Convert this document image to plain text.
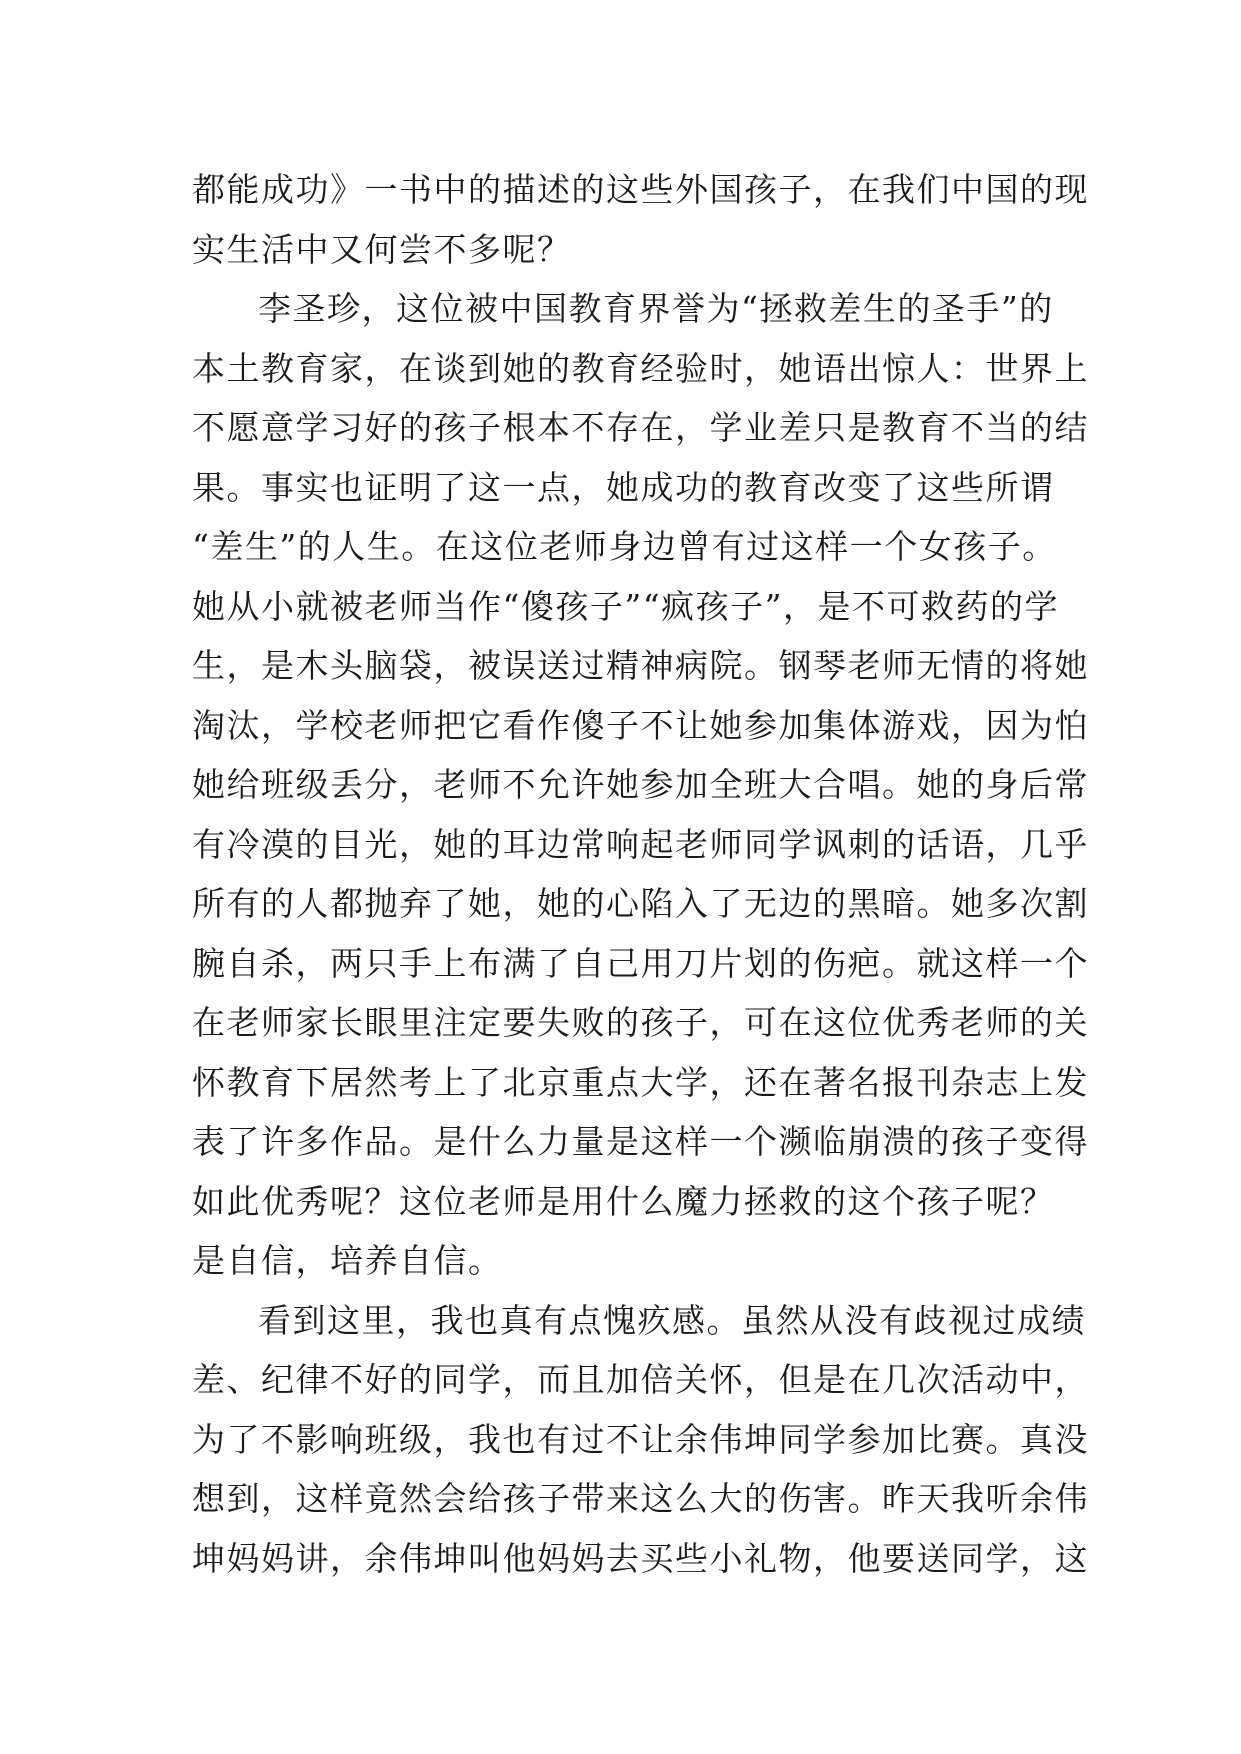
都能成功》一书中的描述的这些外国孩子，在我们中国的现
实生活中又何尝不多呢？
李圣珍，这位被中国教育界誉为“拯救差生的圣手”的
本土教育家，在谈到她的教育经验时，她语出惊人：世界上
不愿意学习好的孩子根本不存在，学业差只是教育不当的结
果。事实也证明了这一点，她成功的教育改变了这些所谓
“差生”的人生。在这位老师身边曾有过这样一个女孩子。
她从小就被老师当作“傻孩子”“疯孩子”，是不可救药的学
生，是木头脑袋，被误送过精神病院。钢琴老师无情的将她
淘汰，学校老师把它看作傻子不让她参加集体游戏，因为怕
她给班级丢分，老师不允许她参加全班大合唱。她的身后常
有冷漠的目光，她的耳边常响起老师同学讽刺的话语，几乎
所有的人都抛弃了她，她的心陷入了无边的黑暗。她多次割
腕自杀，两只手上布满了自己用刀片划的伤疤。就这样一个
在老师家长眼里注定要失败的孩子，可在这位优秀老师的关
怀教育下居然考上了北京重点大学，还在著名报刊杂志上发
表了许多作品。是什么力量是这样一个濒临崩溃的孩子变得
如此优秀呢？这位老师是用什么魔力拯救的这个孩子呢？
是自信，培养自信。
看到这里，我也真有点愧疚感。虽然从没有歧视过成绩
差、纪律不好的同学，而且加倍关怀，但是在几次活动中，
为了不影响班级，我也有过不让余伟坤同学参加比赛。真没
想到，这样竟然会给孩子带来这么大的伤害。昨天我听余伟
坤妈妈讲，余伟坤叫他妈妈去买些小礼物，他要送同学，这
